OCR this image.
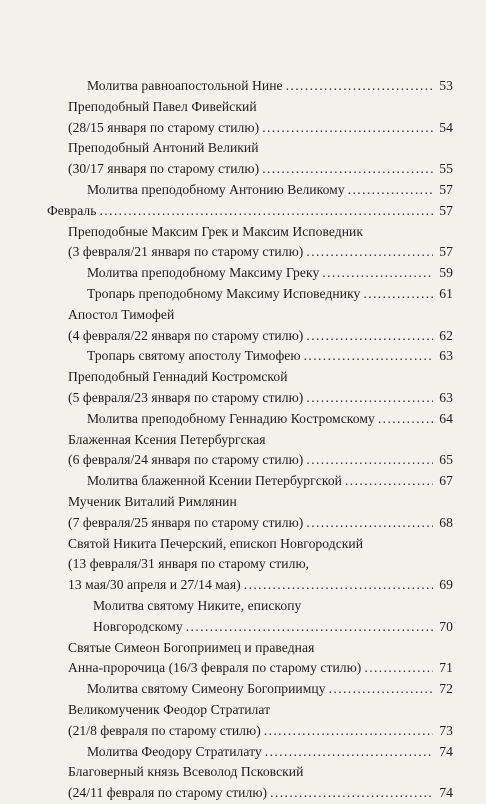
Молитва равноапостольной Нине . . .	53
Преподобный Павел Фивейский
(28/15 января по старому стилю) . . .	54
Преподобный Антоний Великий
(30/17 января по старому стилю) . . .	55
Молитва преподобному Антонию Великому . . .	57
Февраль . . .	57
Преподобные Максим Грек и Максим Исповедник
(3 февраля/21 января по старому стилю) . . .	57
Молитва преподобному Максиму Греку . . .	59
Тропарь преподобному Максиму Исповеднику . . .	61
Апостол Тимофей
(4 февраля/22 января по старому стилю) . . .	62
Тропарь святому апостолу Тимофею . . .	63
Преподобный Геннадий Костромской
(5 февраля/23 января по старому стилю) . . .	63
Молитва преподобному Геннадию Костромскому . . .	64
Блаженная Ксения Петербургская
(6 февраля/24 января по старому стилю) . . .	65
Молитва блаженной Ксении Петербургской . . .	67
Мученик Виталий Римлянин
(7 февраля/25 января по старому стилю) . . .	68
Святой Никита Печерский, епископ Новгородский
(13 февраля/31 января по старому стилю,
13 мая/30 апреля и 27/14 мая) . . .	69
Молитва святому Никите, епископу
Новгородскому . . .	70
Святые Симеон Богоприимец и праведная
Анна-пророчица (16/3 февраля по старому стилю) . . .	71
Молитва святому Симеону Богоприимцу . . .	72
Великомученик Феодор Стратилат
(21/8 февраля по старому стилю) . . .	73
Молитва Феодору Стратилату . . .	74
Благоверный князь Всеволод Псковский
(24/11 февраля по старому стилю) . . .	74
